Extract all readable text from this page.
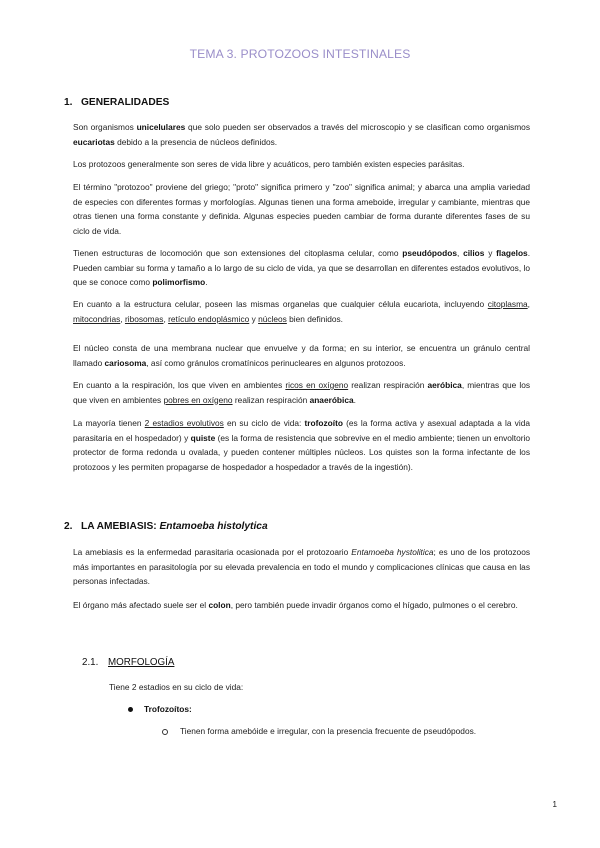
TEMA 3. PROTOZOOS INTESTINALES
1. GENERALIDADES
Son organismos unicelulares que solo pueden ser observados a través del microscopio y se clasifican como organismos eucariotas debido a la presencia de núcleos definidos.
Los protozoos generalmente son seres de vida libre y acuáticos, pero también existen especies parásitas.
El término "protozoo" proviene del griego; "proto" significa primero y "zoo" significa animal; y abarca una amplia variedad de especies con diferentes formas y morfologías. Algunas tienen una forma ameboide, irregular y cambiante, mientras que otras tienen una forma constante y definida. Algunas especies pueden cambiar de forma durante diferentes fases de su ciclo de vida.
Tienen estructuras de locomoción que son extensiones del citoplasma celular, como pseudópodos, cilios y flagelos. Pueden cambiar su forma y tamaño a lo largo de su ciclo de vida, ya que se desarrollan en diferentes estados evolutivos, lo que se conoce como polimorfismo.
En cuanto a la estructura celular, poseen las mismas organelas que cualquier célula eucariota, incluyendo citoplasma, mitocondrias, ribosomas, retículo endoplásmico y núcleos bien definidos.
El núcleo consta de una membrana nuclear que envuelve y da forma; en su interior, se encuentra un gránulo central llamado cariosoma, así como gránulos cromatínicos perinucleares en algunos protozoos.
En cuanto a la respiración, los que viven en ambientes ricos en oxígeno realizan respiración aeróbica, mientras que los que viven en ambientes pobres en oxígeno realizan respiración anaeróbica.
La mayoría tienen 2 estadios evolutivos en su ciclo de vida: trofozoíto (es la forma activa y asexual adaptada a la vida parasitaria en el hospedador) y quiste (es la forma de resistencia que sobrevive en el medio ambiente; tienen un envoltorio protector de forma redonda u ovalada, y pueden contener múltiples núcleos. Los quistes son la forma infectante de los protozoos y les permiten propagarse de hospedador a hospedador a través de la ingestión).
2. LA AMEBIASIS: Entamoeba histolytica
La amebiasis es la enfermedad parasitaria ocasionada por el protozoario Entamoeba hystolitica; es uno de los protozoos más importantes en parasitología por su elevada prevalencia en todo el mundo y complicaciones clínicas que causa en las personas infectadas.
El órgano más afectado suele ser el colon, pero también puede invadir órganos como el hígado, pulmones o el cerebro.
2.1. MORFOLOGÍA
Tiene 2 estadios en su ciclo de vida:
Trofozoítos:
Tienen forma amebóide e irregular, con la presencia frecuente de pseudópodos.
1
